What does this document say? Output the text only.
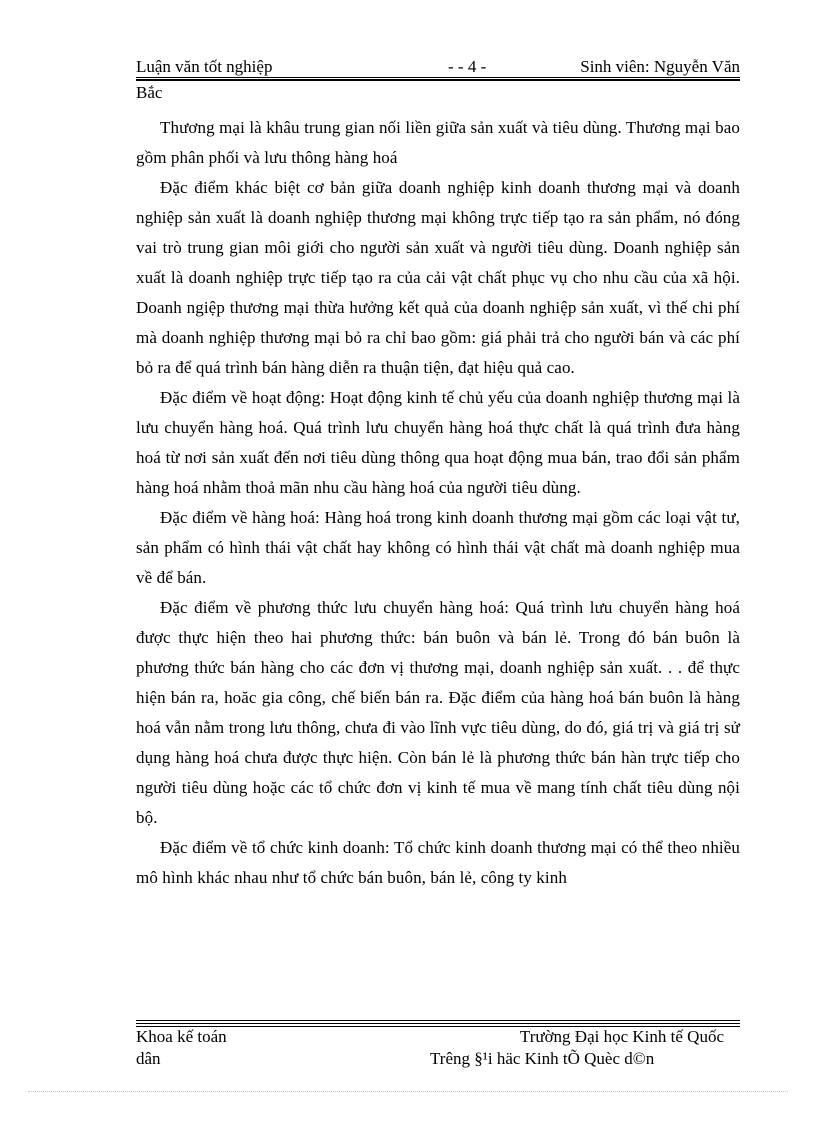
Luận văn tốt nghiệp	- - 4 -	Sinh viên: Nguyễn Văn
Bắc

Thương mại là khâu trung gian nối liền giữa sản xuất và tiêu dùng. Thương mại bao gồm phân phối và lưu thông hàng hoá

Đặc điểm khác biệt cơ bản giữa doanh nghiệp kinh doanh thương mại và doanh nghiệp sản xuất là doanh nghiệp thương mại không trực tiếp tạo ra sản phẩm, nó đóng vai trò trung gian môi giới cho người sản xuất và người tiêu dùng. Doanh nghiệp sản xuất là doanh nghiệp trực tiếp tạo ra của cải vật chất phục vụ cho nhu cầu của xã hội. Doanh ngiệp thương mại thừa hưởng kết quả của doanh nghiệp sản xuất, vì thế chi phí mà doanh nghiệp thương mại bỏ ra chỉ bao gồm: giá phải trả cho người bán và các phí bỏ ra để quá trình bán hàng diễn ra thuận tiện, đạt hiệu quả cao.

Đặc điểm về hoạt động: Hoạt động kinh tế chủ yếu của doanh nghiệp thương mại là lưu chuyển hàng hoá. Quá trình lưu chuyển hàng hoá thực chất là quá trình đưa hàng hoá từ nơi sản xuất đến nơi tiêu dùng thông qua hoạt động mua bán, trao đổi sản phẩm hàng hoá nhằm thoả mãn nhu cầu hàng hoá của người tiêu dùng.

Đặc điểm về hàng hoá: Hàng hoá trong kinh doanh thương mại gồm các loại vật tư, sản phẩm có hình thái vật chất hay không có hình thái vật chất mà doanh nghiệp mua về để bán.

Đặc điểm về phương thức lưu chuyển hàng hoá: Quá trình lưu chuyển hàng hoá được thực hiện theo hai phương thức: bán buôn và bán lẻ. Trong đó bán buôn là phương thức bán hàng cho các đơn vị thương mại, doanh nghiệp sản xuất. . . để thực hiện bán ra, hoăc gia công, chế biến bán ra. Đặc điểm của hàng hoá bán buôn là hàng hoá vẫn nằm trong lưu thông, chưa đi vào lĩnh vực tiêu dùng, do đó, giá trị và giá trị sử dụng hàng hoá chưa được thực hiện. Còn bán lẻ là phương thức bán hàn trực tiếp cho người tiêu dùng hoặc các tổ chức đơn vị kinh tế mua về mang tính chất tiêu dùng nội bộ.

Đặc điểm về tổ chức kinh doanh: Tổ chức kinh doanh thương mại có thể theo nhiều mô hình khác nhau như tổ chức bán buôn, bán lẻ, công ty kinh

Khoa kế toán	Trường Đại học Kinh tế Quốc
dân	Trêng §¹i häc Kinh tÕ Quèc d©n
